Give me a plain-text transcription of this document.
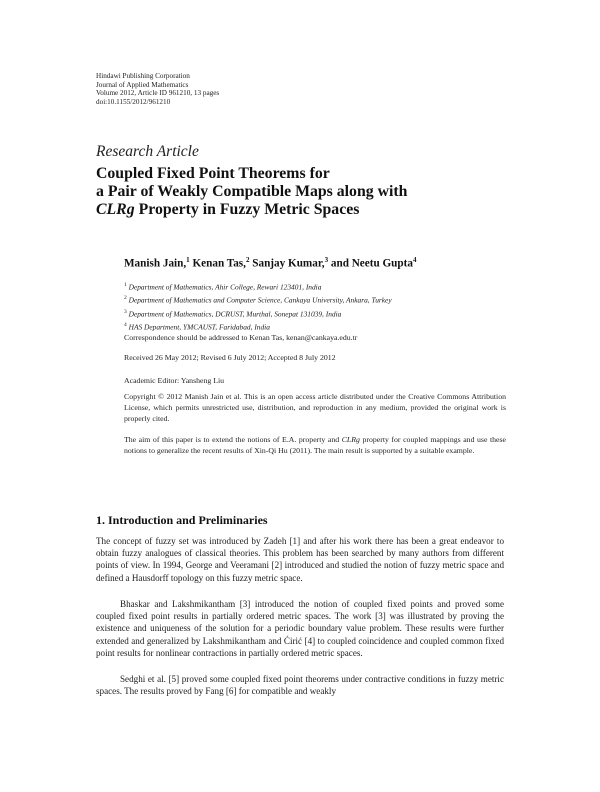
Hindawi Publishing Corporation
Journal of Applied Mathematics
Volume 2012, Article ID 961210, 13 pages
doi:10.1155/2012/961210
Research Article
Coupled Fixed Point Theorems for
a Pair of Weakly Compatible Maps along with
CLRg Property in Fuzzy Metric Spaces
Manish Jain,$^1$ Kenan Tas,$^2$ Sanjay Kumar,$^3$ and Neetu Gupta$^4$
$^1$ Department of Mathematics, Ahir College, Rewari 123401, India
$^2$ Department of Mathematics and Computer Science, Cankaya University, Ankara, Turkey
$^3$ Department of Mathematics, DCRUST, Murthal, Sonepat 131039, India
$^4$ HAS Department, YMCAUST, Faridabad, India
Correspondence should be addressed to Kenan Tas, kenan@cankaya.edu.tr
Received 26 May 2012; Revised 6 July 2012; Accepted 8 July 2012
Academic Editor: Yansheng Liu
Copyright © 2012 Manish Jain et al. This is an open access article distributed under the Creative Commons Attribution License, which permits unrestricted use, distribution, and reproduction in any medium, provided the original work is properly cited.
The aim of this paper is to extend the notions of E.A. property and CLRg property for coupled mappings and use these notions to generalize the recent results of Xin-Qi Hu (2011). The main result is supported by a suitable example.
1. Introduction and Preliminaries
The concept of fuzzy set was introduced by Zadeh [1] and after his work there has been a great endeavor to obtain fuzzy analogues of classical theories. This problem has been searched by many authors from different points of view. In 1994, George and Veeramani [2] introduced and studied the notion of fuzzy metric space and defined a Hausdorff topology on this fuzzy metric space.
Bhaskar and Lakshmikantham [3] introduced the notion of coupled fixed points and proved some coupled fixed point results in partially ordered metric spaces. The work [3] was illustrated by proving the existence and uniqueness of the solution for a periodic boundary value problem. These results were further extended and generalized by Lakshmikantham and Ćirić [4] to coupled coincidence and coupled common fixed point results for nonlinear contractions in partially ordered metric spaces.
Sedghi et al. [5] proved some coupled fixed point theorems under contractive conditions in fuzzy metric spaces. The results proved by Fang [6] for compatible and weakly
